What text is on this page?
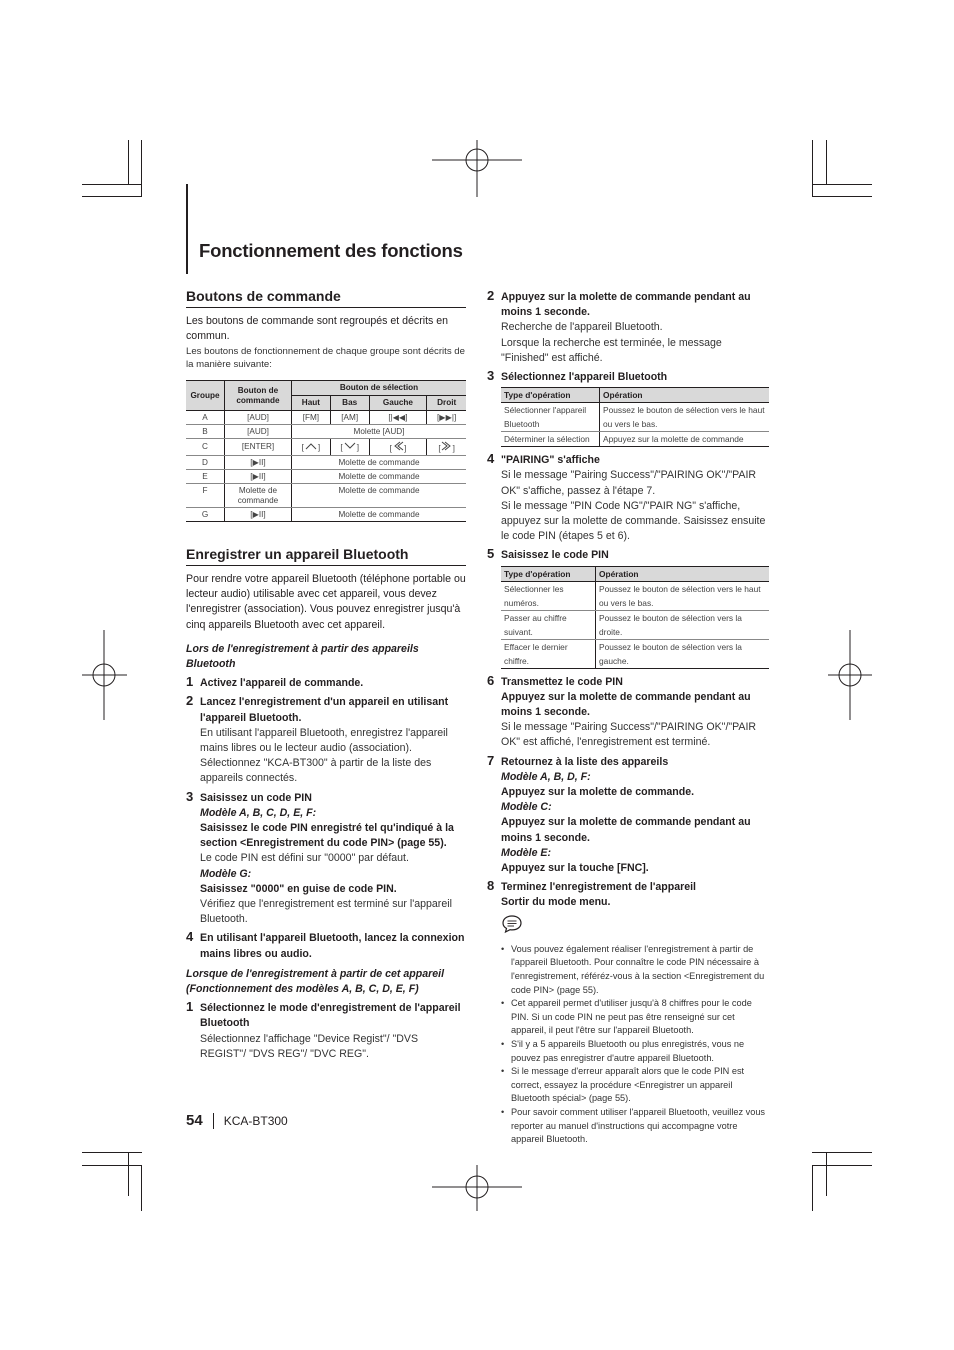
Fonctionnement des fonctions
Boutons de commande

Les boutons de commande sont regroupés et décrits en commun.

Les boutons de fonctionnement de chaque groupe sont décrits de la manière suivante:

Groupe	Bouton de commande	Bouton de sélection			
		Haut	Bas	Gauche	Droit
A	[AUD]	[FM]	[AM]	[|◀◀]	[▶▶|]
B	[AUD]	Molette [AUD]			
C	[ENTER]	[ ]	[ ]	[ ]	[ ]
D	[▶II]	Molette de commande			
E	[▶II]	Molette de commande			
F	Molette de commande	Molette de commande			
G	[▶II]	Molette de commande			
Enregistrer un appareil Bluetooth

Pour rendre votre appareil Bluetooth (téléphone portable ou lecteur audio) utilisable avec cet appareil, vous devez l'enregistrer (association). Vous pouvez enregistrer jusqu'à cinq appareils Bluetooth avec cet appareil.

Lors de l'enregistrement à partir des appareils Bluetooth

1 Activez l'appareil de commande.

2 Lancez l'enregistrement d'un appareil en utilisant l'appareil Bluetooth.

En utilisant l'appareil Bluetooth, enregistrez l'appareil mains libres ou le lecteur audio (association). Sélectionnez "KCA-BT300" à partir de la liste des appareils connectés.

3 Saisissez un code PIN

Modèle A, B, C, D, E, F:

Saisissez le code PIN enregistré tel qu'indiqué à la section <Enregistrement du code PIN> (page 55).

Le code PIN est défini sur "0000" par défaut.

Modèle G:

Saisissez "0000" en guise de code PIN.

Vérifiez que l'enregistrement est terminé sur l'appareil Bluetooth.

4 En utilisant l'appareil Bluetooth, lancez la connexion mains libres ou audio.

Lorsque de l'enregistrement à partir de cet appareil (Fonctionnement des modèles A, B, C, D, E, F)

1 Sélectionnez le mode d'enregistrement de l'appareil Bluetooth

Sélectionnez l'affichage "Device Regist"/ "DVS REGIST"/ "DVS REG"/ "DVC REG".

2 Appuyez sur la molette de commande pendant au moins 1 seconde.

Recherche de l'appareil Bluetooth.

Lorsque la recherche est terminée, le message "Finished" est affiché.

3 Sélectionnez l'appareil Bluetooth

Type d'opération	Opération
Sélectionner l'appareil Bluetooth	Poussez le bouton de sélection vers le haut ou vers le bas.
Déterminer la sélection	Appuyez sur la molette de commande
4 "PAIRING" s'affiche

Si le message "Pairing Success"/"PAIRING OK"/"PAIR OK" s'affiche, passez à l'étape 7.

Si le message "PIN Code NG"/"PAIR NG" s'affiche, appuyez sur la molette de commande. Saisissez ensuite le code PIN (étapes 5 et 6).

5 Saisissez le code PIN

Type d'opération	Opération
Sélectionner les numéros.	Poussez le bouton de sélection vers le haut ou vers le bas.
Passer au chiffre suivant.	Poussez le bouton de sélection vers la droite.
Effacer le dernier chiffre.	Poussez le bouton de sélection vers la gauche.
6 Transmettez le code PIN

Appuyez sur la molette de commande pendant au moins 1 seconde.

Si le message "Pairing Success"/"PAIRING OK"/"PAIR OK" est affiché, l'enregistrement est terminé.

7 Retournez à la liste des appareils

Modèle A, B, D, F:

Appuyez sur la molette de commande.

Modèle C:

Appuyez sur la molette de commande pendant au moins 1 seconde.

Modèle E:

Appuyez sur la touche [FNC].

8 Terminez l'enregistrement de l'appareil

Sortir du mode menu.

• Vous pouvez également réaliser l'enregistrement à partir de l'appareil Bluetooth. Pour connaître le code PIN nécessaire à l'enregistrement, référéz-vous à la section <Enregistrement du code PIN> (page 55).
• Cet appareil permet d'utiliser jusqu'à 8 chiffres pour le code PIN. Si un code PIN ne peut pas être renseigné sur cet appareil, il peut l'être sur l'appareil Bluetooth.
• S'il y a 5 appareils Bluetooth ou plus enregistrés, vous ne pouvez pas enregistrer d'autre appareil Bluetooth.
• Si le message d'erreur apparaît alors que le code PIN est correct, essayez la procédure <Enregistrer un appareil Bluetooth spécial> (page 55).
• Pour savoir comment utiliser l'appareil Bluetooth, veuillez vous reporter au manuel d'instructions qui accompagne votre appareil Bluetooth.
54 KCA-BT300
